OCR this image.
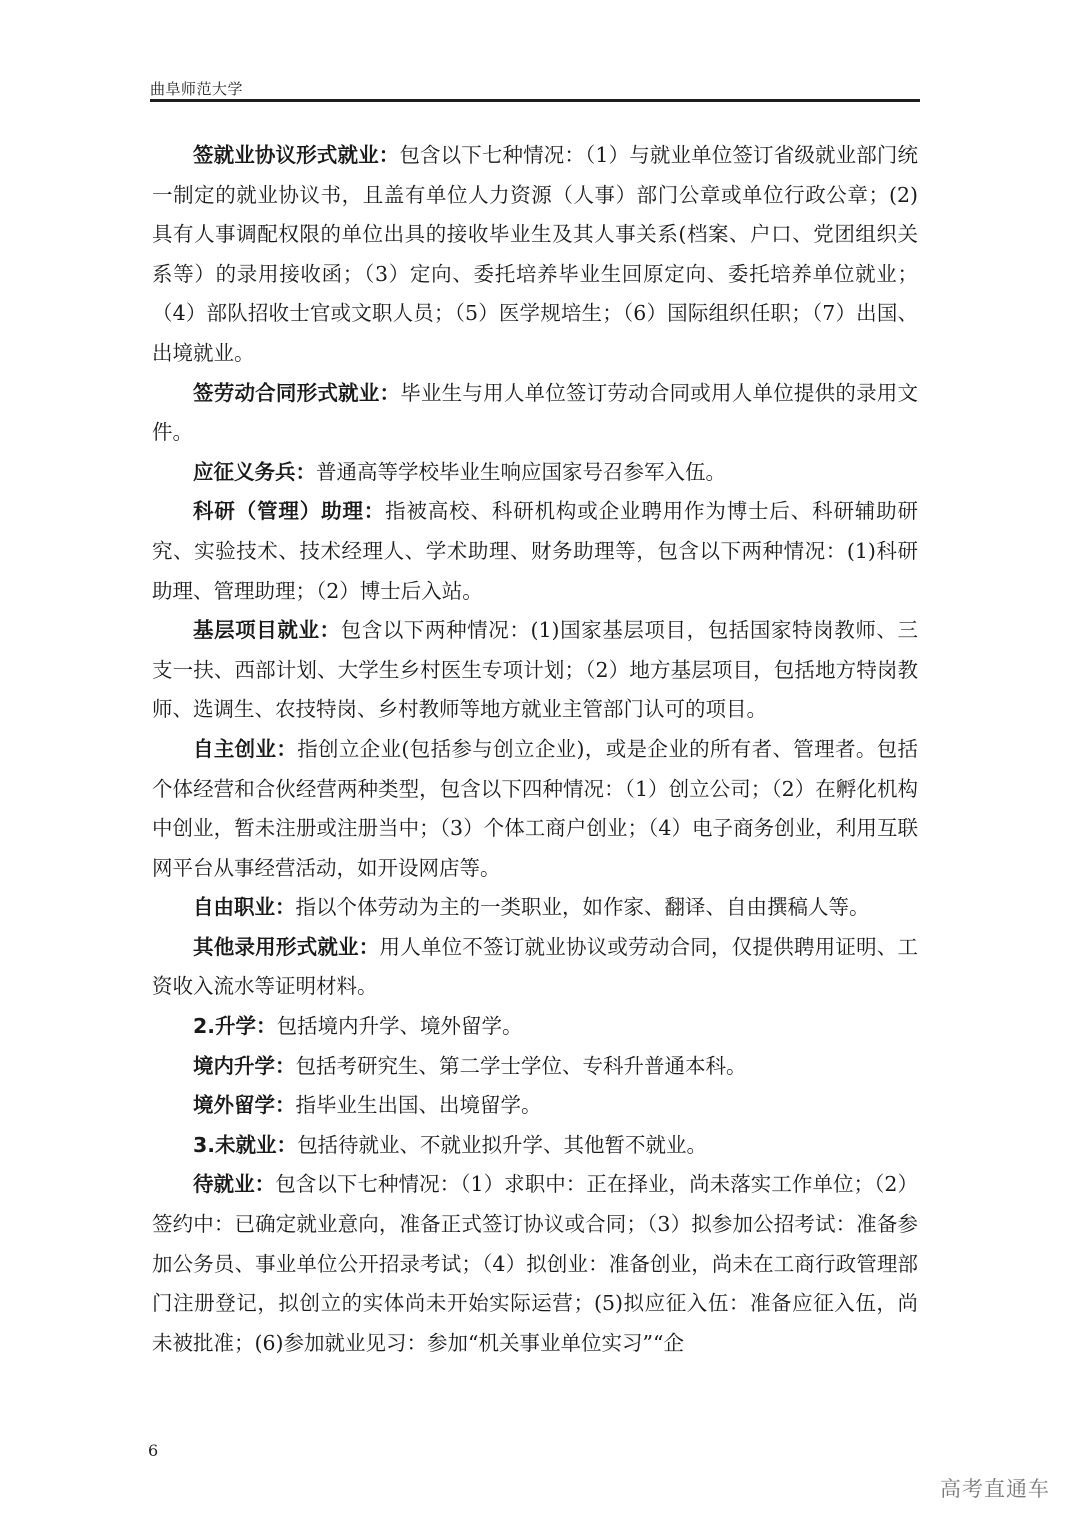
曲阜师范大学

签就业协议形式就业：包含以下七种情况：（1）与就业单位签订省级就业部门统一制定的就业协议书，且盖有单位人力资源（人事）部门公章或单位行政公章；(2)具有人事调配权限的单位出具的接收毕业生及其人事关系(档案、户口、党团组织关系等）的录用接收函；（3）定向、委托培养毕业生回原定向、委托培养单位就业；（4）部队招收士官或文职人员；（5）医学规培生；（6）国际组织任职；（7）出国、出境就业。

签劳动合同形式就业：毕业生与用人单位签订劳动合同或用人单位提供的录用文件。

应征义务兵：普通高等学校毕业生响应国家号召参军入伍。

科研（管理）助理：指被高校、科研机构或企业聘用作为博士后、科研辅助研究、实验技术、技术经理人、学术助理、财务助理等，包含以下两种情况：(1)科研助理、管理助理；（2）博士后入站。

基层项目就业：包含以下两种情况：(1)国家基层项目，包括国家特岗教师、三支一扶、西部计划、大学生乡村医生专项计划；（2）地方基层项目，包括地方特岗教师、选调生、农技特岗、乡村教师等地方就业主管部门认可的项目。

自主创业：指创立企业(包括参与创立企业)，或是企业的所有者、管理者。包括个体经营和合伙经营两种类型，包含以下四种情况：（1）创立公司；（2）在孵化机构中创业，暂未注册或注册当中；（3）个体工商户创业；（4）电子商务创业，利用互联网平台从事经营活动，如开设网店等。

自由职业：指以个体劳动为主的一类职业，如作家、翻译、自由撰稿人等。

其他录用形式就业：用人单位不签订就业协议或劳动合同，仅提供聘用证明、工资收入流水等证明材料。

2.升学：包括境内升学、境外留学。

境内升学：包括考研究生、第二学士学位、专科升普通本科。

境外留学：指毕业生出国、出境留学。

3.未就业：包括待就业、不就业拟升学、其他暂不就业。

待就业：包含以下七种情况：（1）求职中：正在择业，尚未落实工作单位；（2）签约中：已确定就业意向，准备正式签订协议或合同；（3）拟参加公招考试：准备参加公务员、事业单位公开招录考试；（4）拟创业：准备创业，尚未在工商行政管理部门注册登记，拟创立的实体尚未开始实际运营；(5)拟应征入伍：准备应征入伍，尚未被批准；(6)参加就业见习：参加“机关事业单位实习”“企

6
高考直通车
